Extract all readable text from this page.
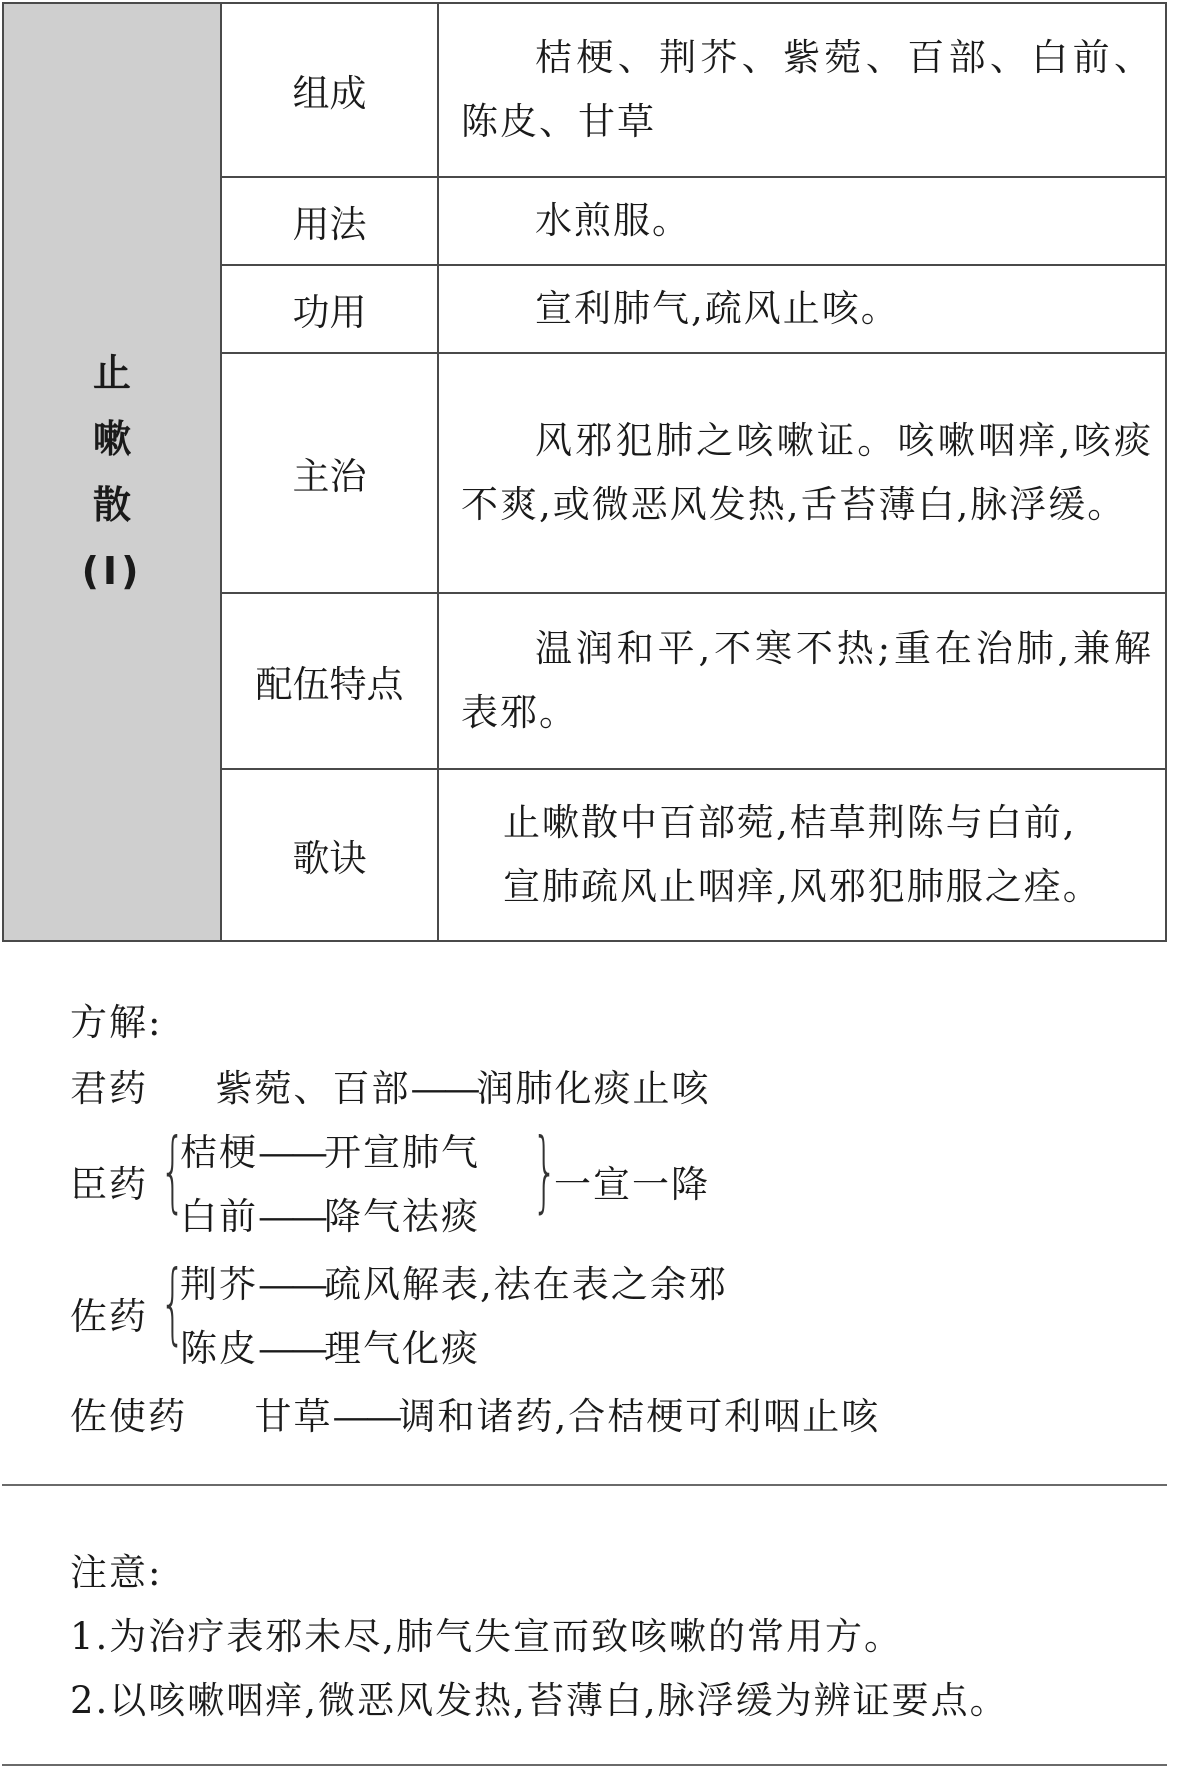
止
嗽
散
(Ⅰ)	组成	桔梗、荆芥、紫菀、百部、白前、陈皮、甘草

	用法	水煎服。

	功用	宣利肺气,疏风止咳。

	主治	风邪犯肺之咳嗽证。咳嗽咽痒,咳痰不爽,或微恶风发热,舌苔薄白,脉浮缓。

	配伍特点	温润和平,不寒不热;重在治肺,兼解表邪。

	歌诀	止嗽散中百部菀,桔草荆陈与白前,
宣肺疏风止咽痒,风邪犯肺服之痊。
方解:
君药 紫菀、百部——润肺化痰止咳
臣药 {
桔梗——开宣肺气
白前——降气祛痰 }
一宣一降
佐药 {
荆芥——疏风解表,祛在表之余邪
陈皮——理气化痰
佐使药 甘草——调和诸药,合桔梗可利咽止咳
注意:
1.为治疗表邪未尽,肺气失宣而致咳嗽的常用方。
2.以咳嗽咽痒,微恶风发热,苔薄白,脉浮缓为辨证要点。
